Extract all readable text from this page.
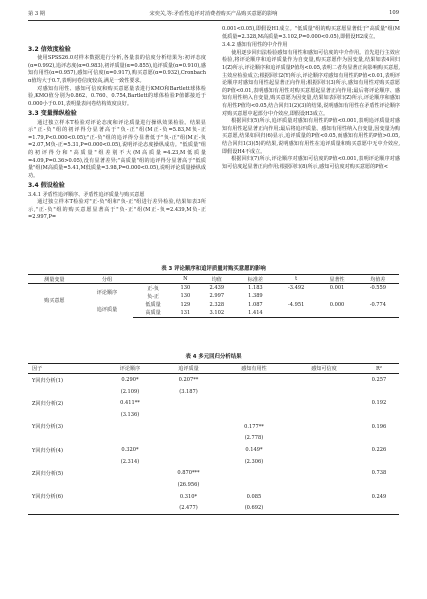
第 3 期	宋奕关,等:矛盾性追评对消费者购买产品购买意愿的影响	109
3.2 信效度检验

使用SPSS26.0对样本数据进行分析,各量表的信度分析结果为:初评态度(α=0.992),追评态度(α=0.983),初评质量(α=0.855),追评质量(α=0.910),感知有用性(α=0.957),感知可信度(α=0.917),购买意愿(α=0.932),Cronbach α值均大于0.7,表明问卷信度较高,满足一致性要求。

对感知有用性、感知可信度和购买意愿量表进行KMO和Bartlett球体检验,KMO值分别为0.862、0.760、0.754,Bartlett的球体检验P值都接近于0.000小于0.01,表明量表问卷结构效度良好。

3.3 变量操纵检验

通过独立样本T检验对评论态度和评论质量进行操纵效果检验。结果显示"正-负"组的初评得分显著高于"负-正"组(M正-负=5.83,M负-正=1.79,P<0.000<0.05);"正-负"组的追评得分显著低于"负-正"组(M正-负=2.07,M负-正=5.31,P=0.000<0.05),说明评论态度操纵成功。"低质量"组的初评得分和"高质量"组差别不大(M高质量=4.23,M低质量=4.09,P=0.36>0.05),没有显著差异;"高质量"组的追评得分显著高于"低质量"组(M高质量=5.41,M低质量=3.98,P=0.000<0.05),说明评论质量操纵成功。

3.4 假设检验
3.4.1 矛盾性追评顺序、矛盾性追评质量与购买意愿

通过独立样本T检验对"正-负"组和"负-正"组进行差异检验,结果如表3所示,"正-负"组的购买意愿显著高于"负-正"组(M正-负=2.439,M负-正=2.997,P=

0.001<0.05),即假设H1成立。"低质量"组的购买意愿显著低于"高质量"组(M低质量=2.328,M高质量=3.102,P=0.000<0.05),即假设H2成立。

3.4.2 感知有用性的中介作用

使用逐步回归法检验感知有用性和感知可信度的中介作用。首先进行主效应检验,将评论顺序和追评质量作为自变量,购买意愿作为因变量,结果如表4回归1(Z)所示,评论顺序和追评质量P值均<0.05,表明二者均显著正向影响购买意愿,主效应检验成立;根据回归2(Y)所示,评论顺序对感知有用性的P值<0.01,表明评论顺序对感知有用性起显著正向作用;根据回归(3)所示,感知有用性对购买意愿的P值<0.01,表明感知有用性对购买意愿起显著正向作用;最后将评论顺序、感知有用性纳入自变量,购买意愿为因变量,结果如表回归(Z)所示,评论顺序和感知有用性P值均<0.05,结合回归1(2)(3)的结果,说明感知有用性在矛盾性评论顺序对购买意愿中起部分中介效应,即假设H3成立。

根据回归(5)所示,追评质量对感知有用性的P值<0.001,表明追评质量对感知有用性起显著正向作用;最后将追评质量、感知有用性纳入自变量,因变量为购买意愿,结果如回归(6)显示,追评质量的P值<0.05,而感知有用性的P值>0.05,结合回归1(3)(5)的结果,说明感知有用性在追评质量和购买意愿中无中介效应,即假设H4不成立。

根据回归(7)所示,评论顺序对感知可信度的P值<0.001,表明评论顺序对感知可信度起显著正向作用;根据回归(8)所示,感知可信度对购买意愿的P值<

表 3 评论顺序和追评质量对购买意愿的影响
测量变量	分组		N	均值	标准差	t	显著性	均值差
购买意愿	评论顺序	正-负	130	2.439	1.183	-3.492	0.001	-0.559
		负-正	130	2.997	1.389			
	追评质量	低质量	129	2.328	1.087	-4.951	0.000	-0.774
		高质量	131	3.102	1.414			
表 4 多元回归分析结果
因子	评论顺序	追评质量	感知有用性	感知可信度	R²
Y回归分析(1)	0.290*	0.207**			0.257
	(2.109)	(3.187)			
Z回归分析(2)	0.411**				0.192
	(3.136)				
Y回归分析(3)			0.177**		0.196
			(2.778)		
Y回归分析(4)	0.320*		0.149*		0.226
	(2.314)		(2.306)		
Z回归分析(5)		0.870***			0.738
		(26.956)			
Y回归分析(6)		0.310*	0.085		0.249
		(2.477)	(0.692)		
